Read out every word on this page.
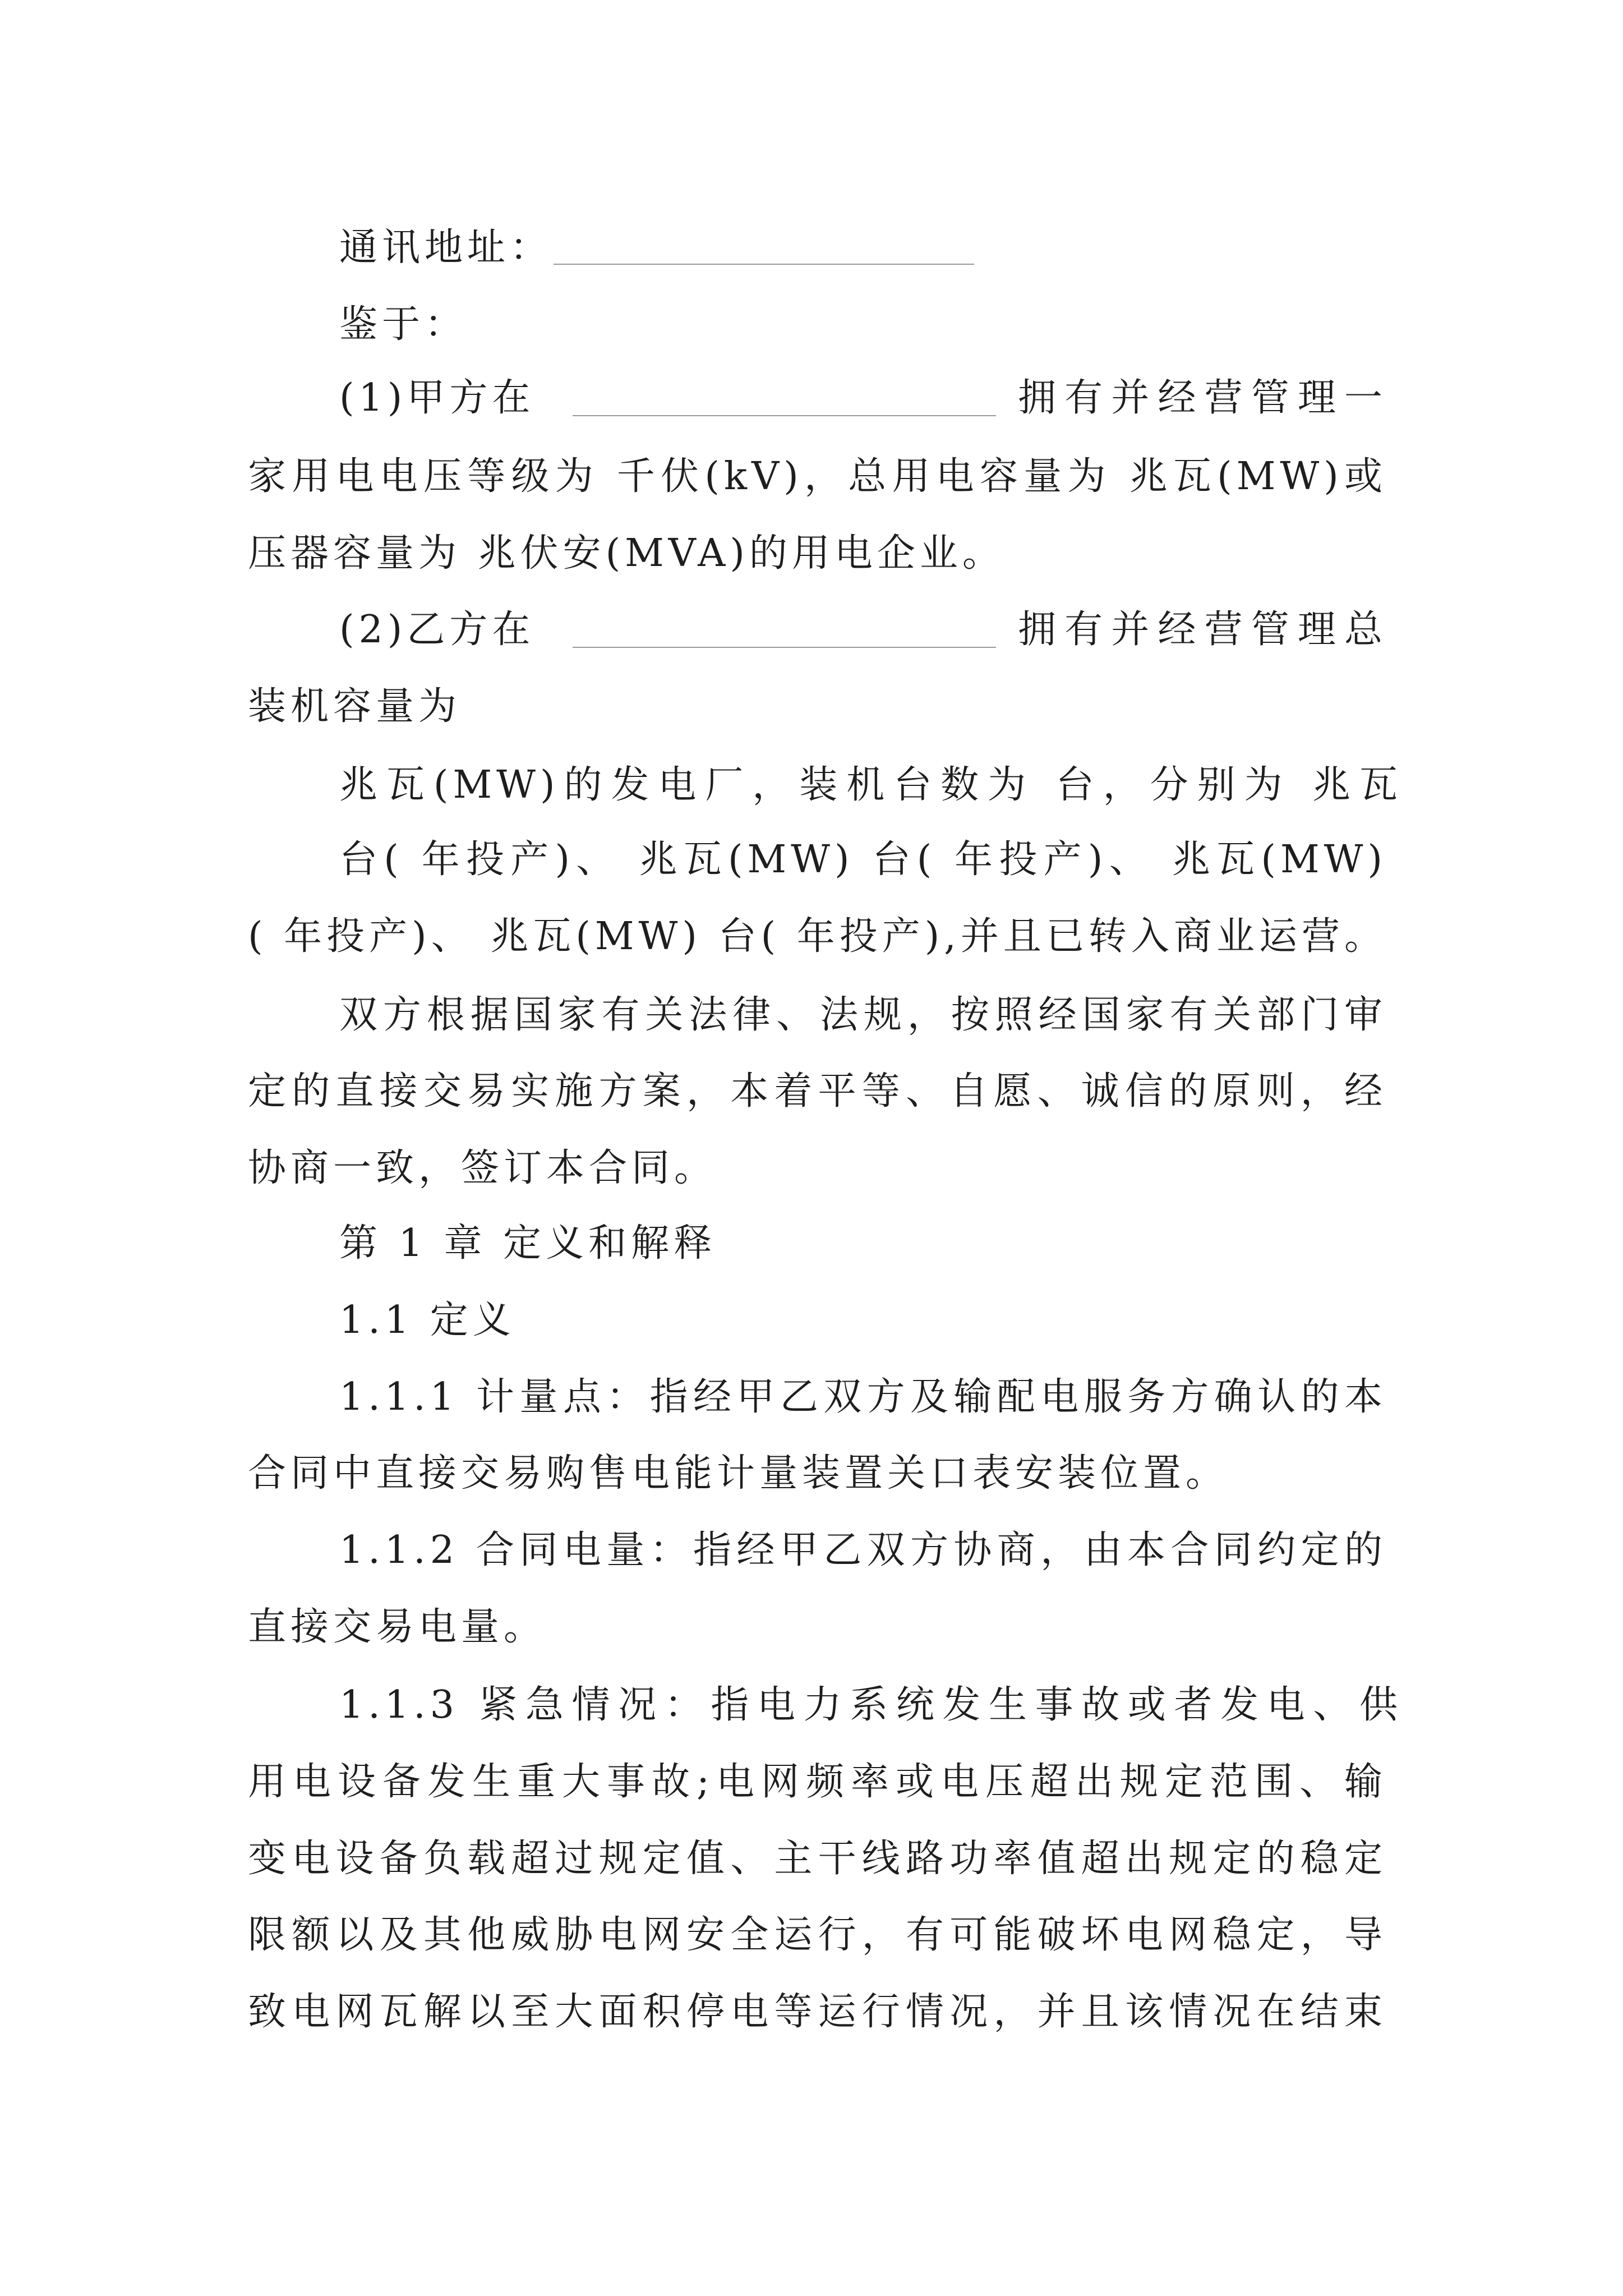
通讯地址：
鉴于：
(1)甲方在	拥有并经营管理一
家用电电压等级为 千伏(kV)，总用电容量为 兆瓦(MW)或
压器容量为 兆伏安(MVA)的用电企业。
(2)乙方在	拥有并经营管理总
装机容量为
兆瓦(MW)的发电厂，装机台数为 台，分别为 兆瓦
台( 年投产)、 兆瓦(MW) 台( 年投产)、 兆瓦(MW)
( 年投产)、 兆瓦(MW) 台( 年投产),并且已转入商业运营。
双方根据国家有关法律、法规，按照经国家有关部门审
定的直接交易实施方案，本着平等、自愿、诚信的原则，经
协商一致，签订本合同。
第 1 章 定义和解释
1.1 定义
1.1.1 计量点：指经甲乙双方及输配电服务方确认的本
合同中直接交易购售电能计量装置关口表安装位置。
1.1.2 合同电量：指经甲乙双方协商，由本合同约定的
直接交易电量。
1.1.3 紧急情况：指电力系统发生事故或者发电、供
用电设备发生重大事故;电网频率或电压超出规定范围、输
变电设备负载超过规定值、主干线路功率值超出规定的稳定
限额以及其他威胁电网安全运行，有可能破坏电网稳定，导
致电网瓦解以至大面积停电等运行情况，并且该情况在结束
